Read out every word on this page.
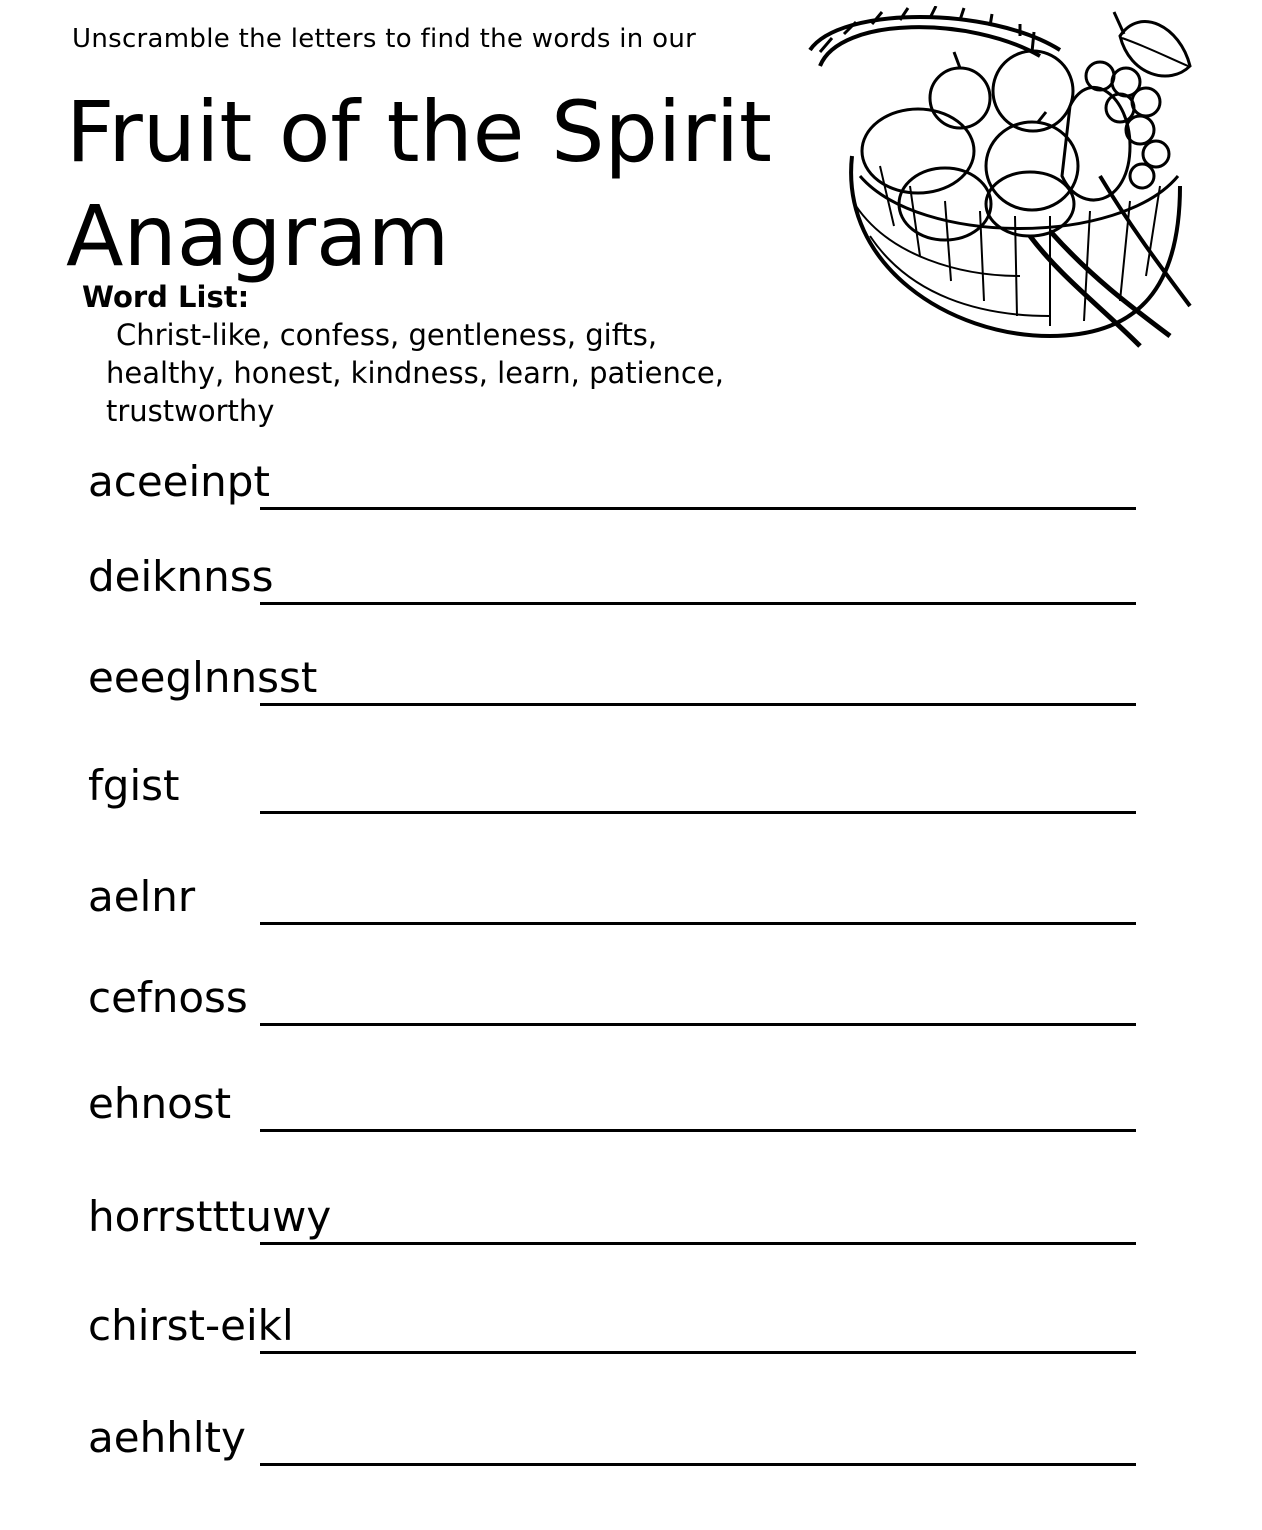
Unscramble the letters to find the words in our
Fruit of the Spirit
Anagram
Word List:
Christ-like, confess, gentleness, gifts, healthy, honest, kindness, learn, patience, trustworthy
aceeinpt
deiknnss
eeeglnnsst
fgist
aelnr
cefnoss
ehnost
horrstttuwy
chirst-eikl
aehhlty
